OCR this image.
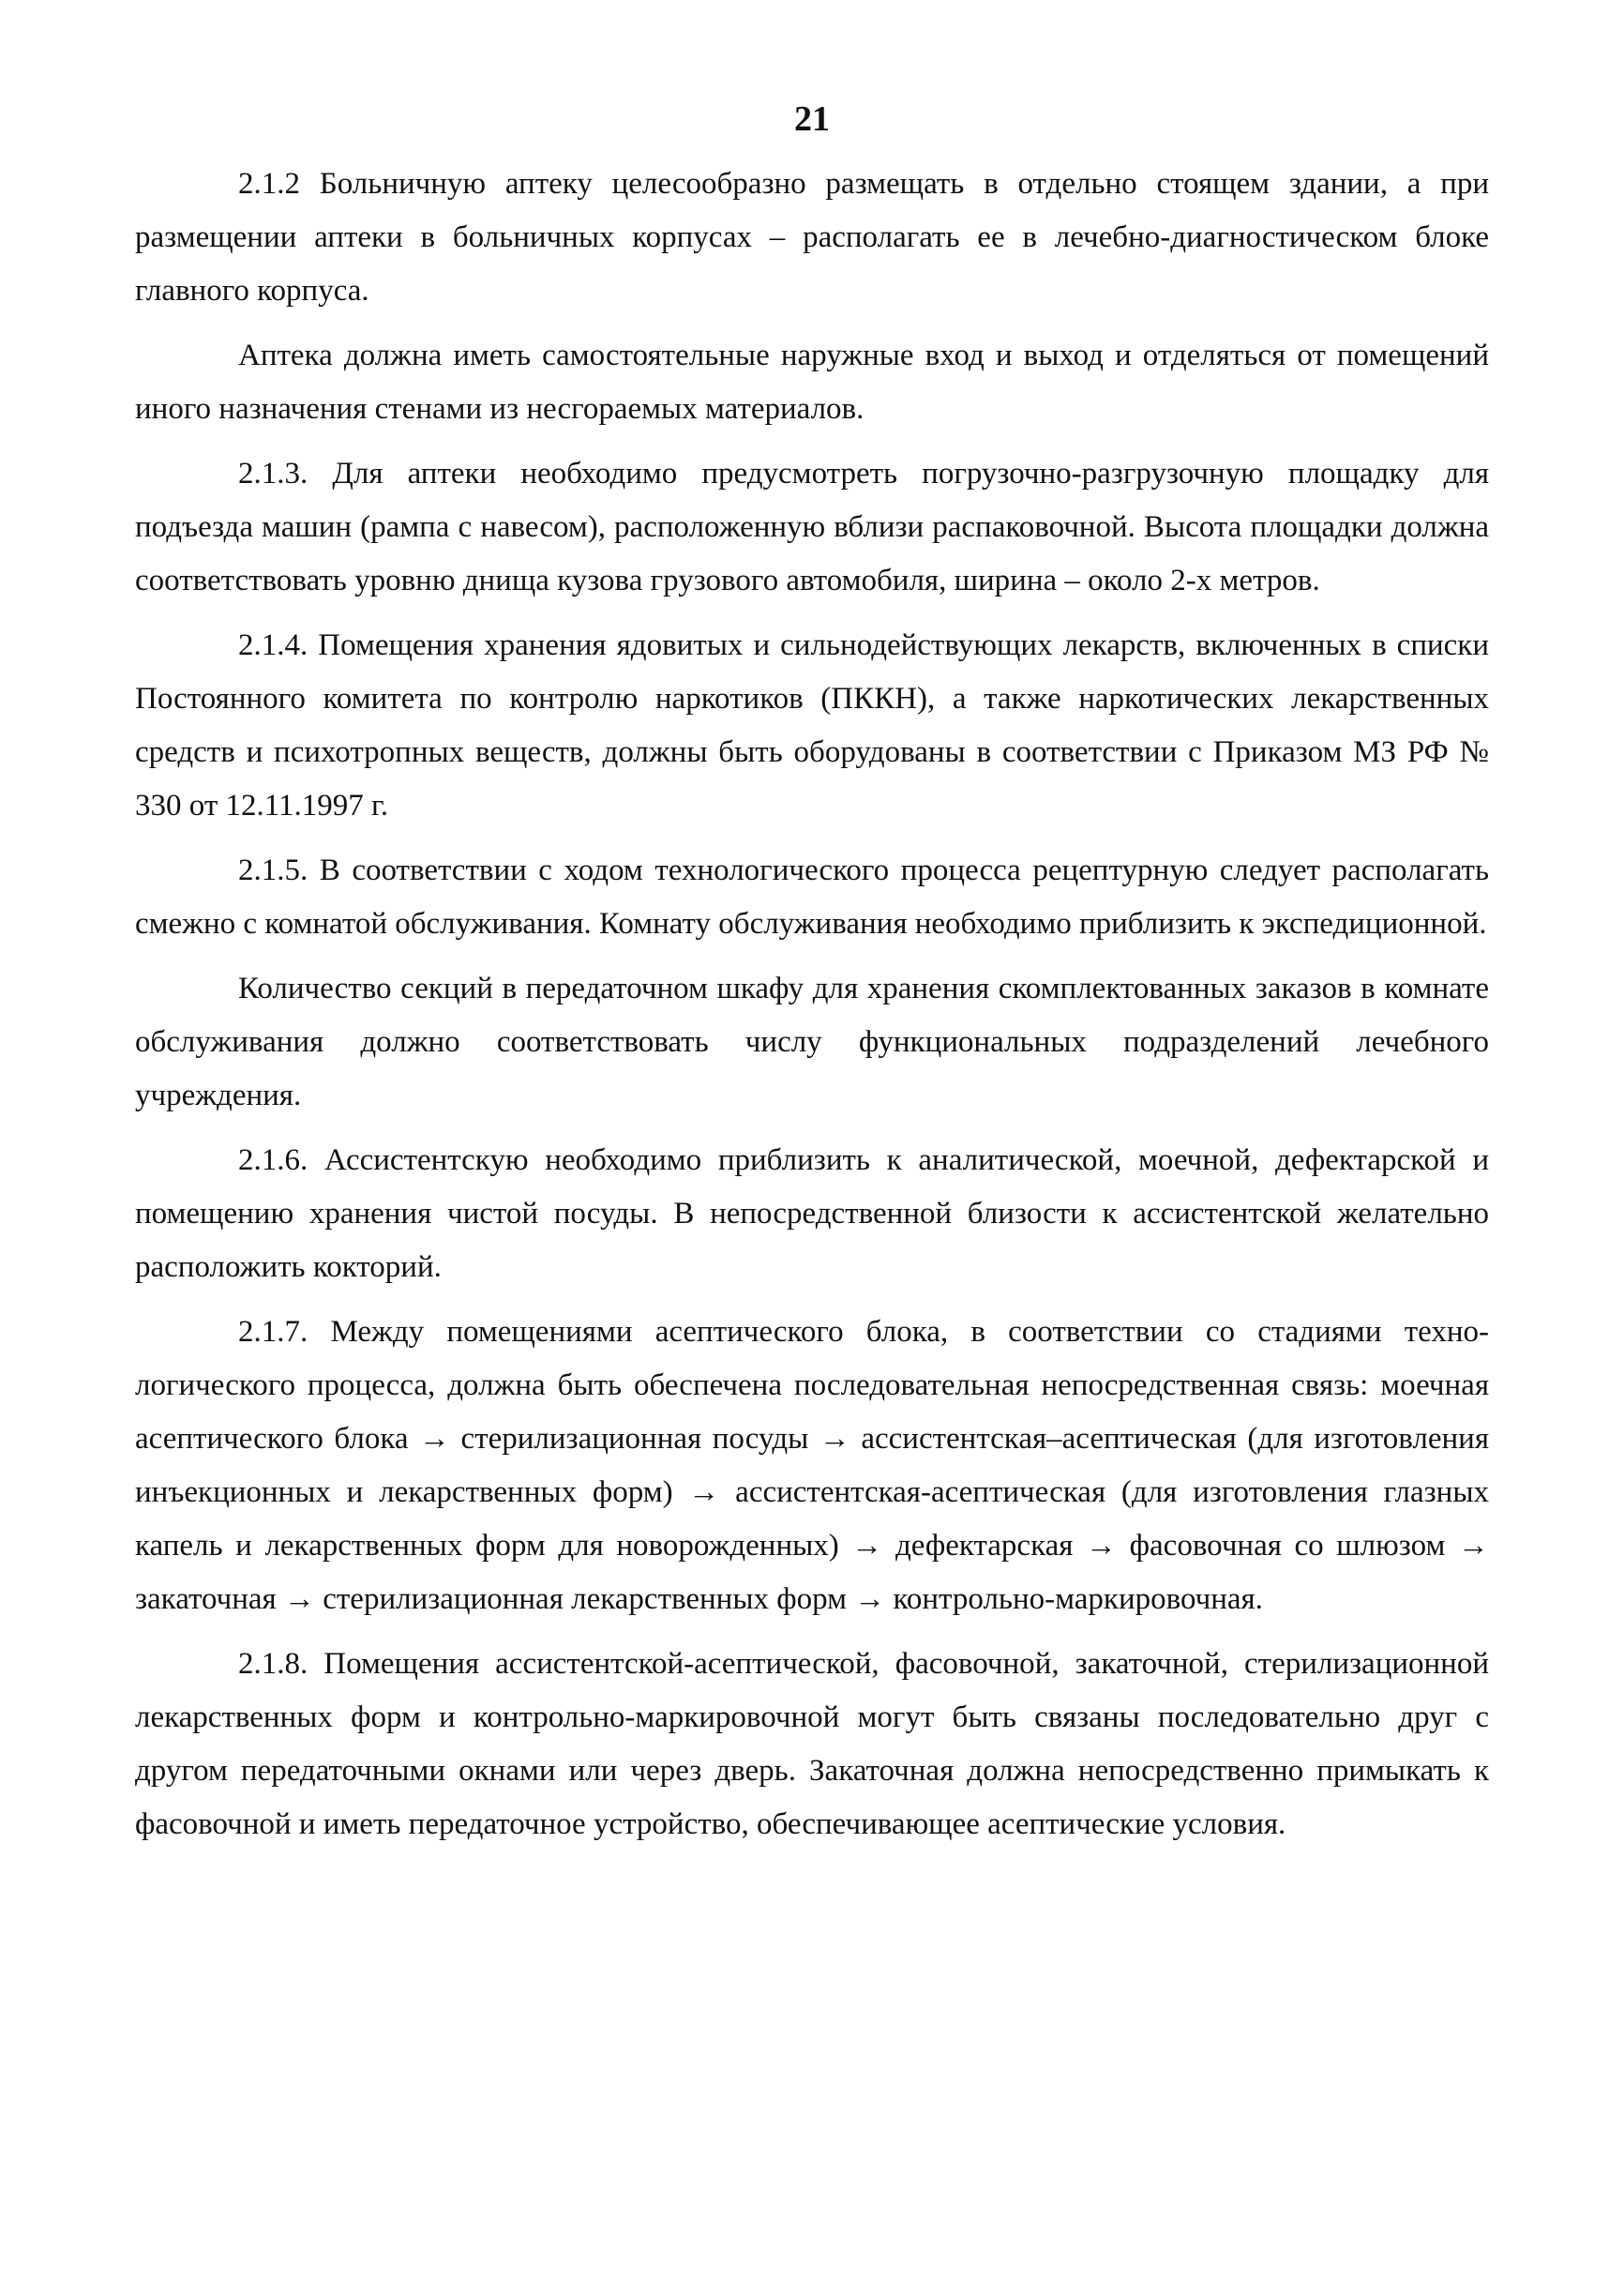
21

2.1.2 Больничную аптеку целесообразно размещать в отдельно стоящем здании, а при размещении аптеки в больничных корпусах – располагать ее в лечебно-диагностическом блоке главного корпуса.

Аптека должна иметь самостоятельные наружные вход и выход и отделяться от помещений иного назначения стенами из несгораемых материалов.

2.1.3. Для аптеки необходимо предусмотреть погрузочно-разгрузочную площадку для подъезда машин (рампа с навесом), расположенную вблизи распаковочной. Высота площадки должна соответствовать уровню днища кузова грузового автомобиля, ширина – около 2-х метров.

2.1.4. Помещения хранения ядовитых и сильнодействующих лекарств, включенных в списки Постоянного комитета по контролю наркотиков (ПККН), а также наркотических лекарственных средств и психотропных веществ, должны быть оборудованы в соответствии с Приказом МЗ РФ № 330 от 12.11.1997 г.

2.1.5. В соответствии с ходом технологического процесса рецептурную следует располагать смежно с комнатой обслуживания. Комнату обслуживания необходимо приблизить к экспедиционной.

Количество секций в передаточном шкафу для хранения скомплектованных заказов в комнате обслуживания должно соответствовать числу функциональных подразделений лечебного учреждения.

2.1.6. Ассистентскую необходимо приблизить к аналитической, моечной, дефектарской и помещению хранения чистой посуды. В непосредственной близости к ассистентской желательно расположить кокторий.

2.1.7. Между помещениями асептического блока, в соответствии со стадиями технологического процесса, должна быть обеспечена последовательная непосредственная связь: моечная асептического блока → стерилизационная посуды → ассистентская–асептическая (для изготовления инъекционных и лекарственных форм) → ассистентская-асептическая (для изготовления глазных капель и лекарственных форм для новорожденных) → дефектарская → фасовочная со шлюзом → закаточная → стерилизационная лекарственных форм → контрольно-маркировочная.

2.1.8. Помещения ассистентской-асептической, фасовочной, закаточной, стерилизационной лекарственных форм и контрольно-маркировочной могут быть связаны последовательно друг с другом передаточными окнами или через дверь. Закаточная должна непосредственно примыкать к фасовочной и иметь передаточное устройство, обеспечивающее асептические условия.
